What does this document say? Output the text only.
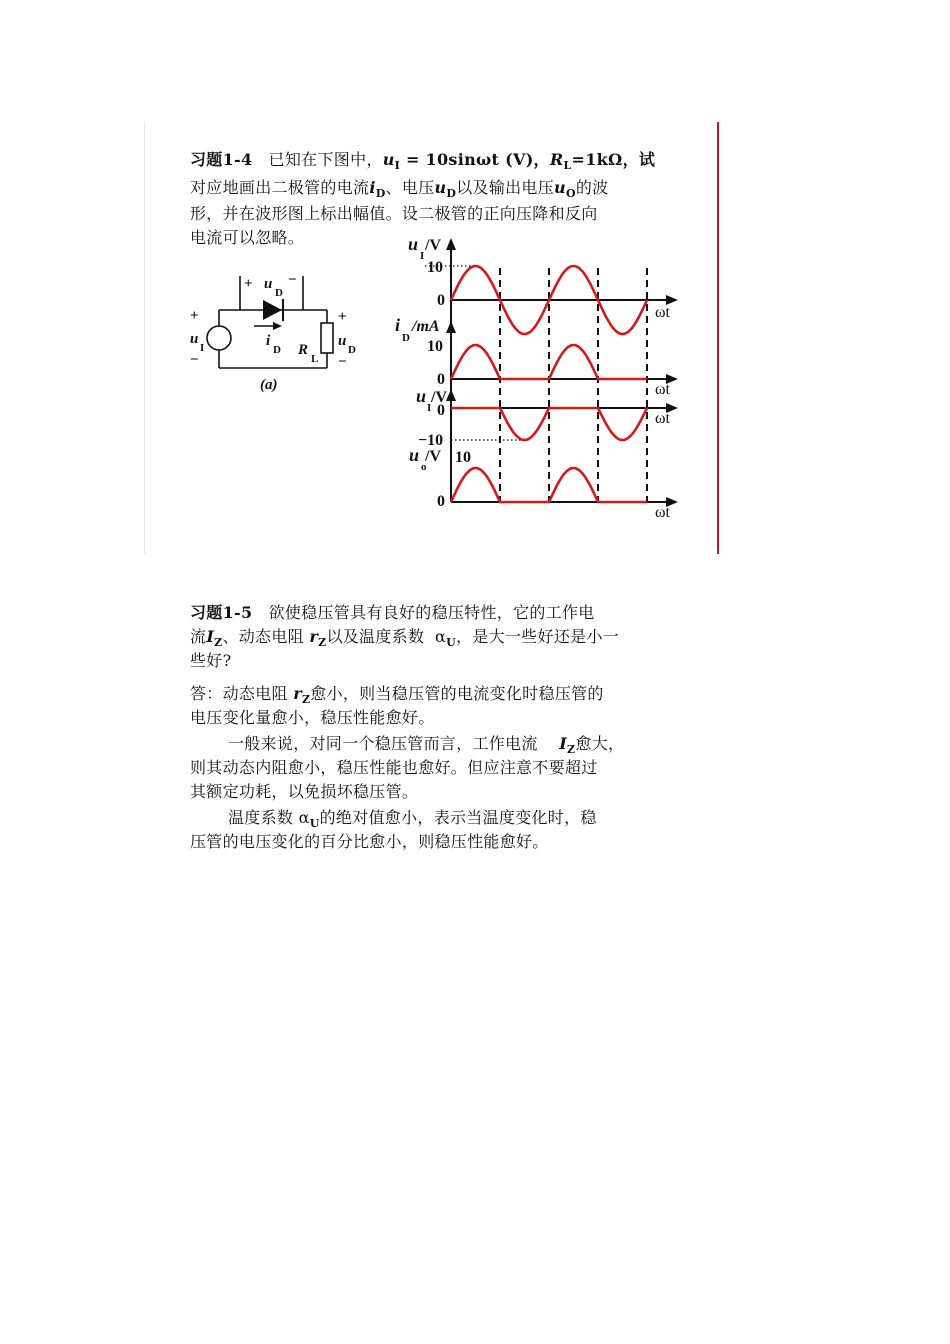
习题1-4 已知在下图中，$u_I = 10\sin\omega t$ (V)，$R_L=1k\Omega$，试
对应地画出二极管的电流$i_D$、电压$u_D$以及输出电压$u_O$的波
形，并在波形图上标出幅值。设二极管的正向压降和反向
电流可以忽略。
+
−
u
I
+ u
D
−
i
D R
L
+
u
D
−
(a)
u
I
/V
10
0
ωt
i
D
/mA
10
0
ωt
u
I
/V
0
−10
ωt
u
o
/V 10
0
ωt
习题1-5 欲使稳压管具有良好的稳压特性，它的工作电
流$I_Z$、动态电阻 $r_Z$以及温度系数 $\alpha_U$，是大一些好还是小一
些好?
答：动态电阻 $r_Z$愈小，则当稳压管的电流变化时稳压管的
电压变化量愈小，稳压性能愈好。
一般来说，对同一个稳压管而言，工作电流 $I_Z$愈大，
则其动态内阻愈小，稳压性能也愈好。但应注意不要超过
其额定功耗，以免损坏稳压管。
温度系数 $\alpha_U$的绝对值愈小，表示当温度变化时，稳
压管的电压变化的百分比愈小，则稳压性能愈好。
